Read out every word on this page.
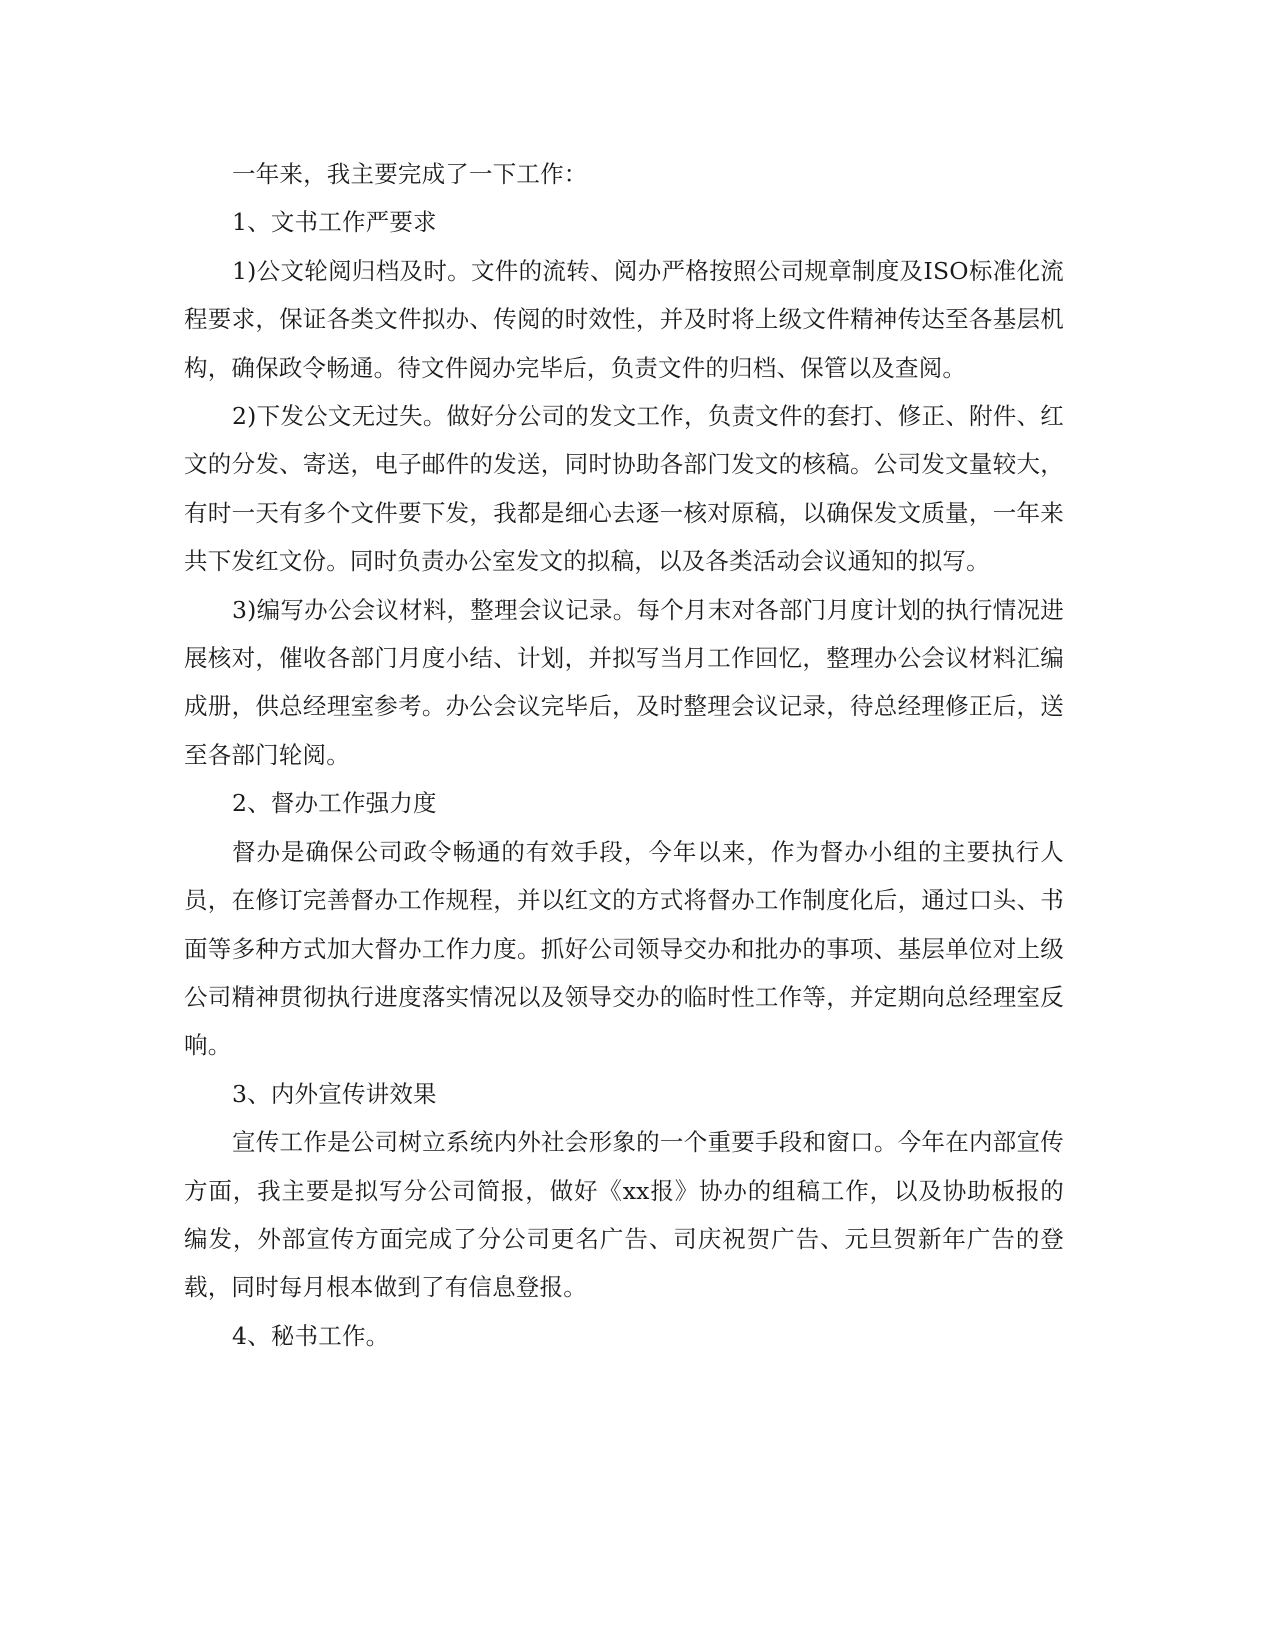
一年来，我主要完成了一下工作：

1、文书工作严要求

1)公文轮阅归档及时。文件的流转、阅办严格按照公司规章制度及ISO标准化流程要求，保证各类文件拟办、传阅的时效性，并及时将上级文件精神传达至各基层机构，确保政令畅通。待文件阅办完毕后，负责文件的归档、保管以及查阅。

2)下发公文无过失。做好分公司的发文工作，负责文件的套打、修正、附件、红文的分发、寄送，电子邮件的发送，同时协助各部门发文的核稿。公司发文量较大，有时一天有多个文件要下发，我都是细心去逐一核对原稿，以确保发文质量，一年来共下发红文份。同时负责办公室发文的拟稿，以及各类活动会议通知的拟写。

3)编写办公会议材料，整理会议记录。每个月末对各部门月度计划的执行情况进展核对，催收各部门月度小结、计划，并拟写当月工作回忆，整理办公会议材料汇编成册，供总经理室参考。办公会议完毕后，及时整理会议记录，待总经理修正后，送至各部门轮阅。

2、督办工作强力度

督办是确保公司政令畅通的有效手段，今年以来，作为督办小组的主要执行人员，在修订完善督办工作规程，并以红文的方式将督办工作制度化后，通过口头、书面等多种方式加大督办工作力度。抓好公司领导交办和批办的事项、基层单位对上级公司精神贯彻执行进度落实情况以及领导交办的临时性工作等，并定期向总经理室反响。

3、内外宣传讲效果

宣传工作是公司树立系统内外社会形象的一个重要手段和窗口。今年在内部宣传方面，我主要是拟写分公司简报，做好《xx报》协办的组稿工作，以及协助板报的编发，外部宣传方面完成了分公司更名广告、司庆祝贺广告、元旦贺新年广告的登载，同时每月根本做到了有信息登报。

4、秘书工作。
